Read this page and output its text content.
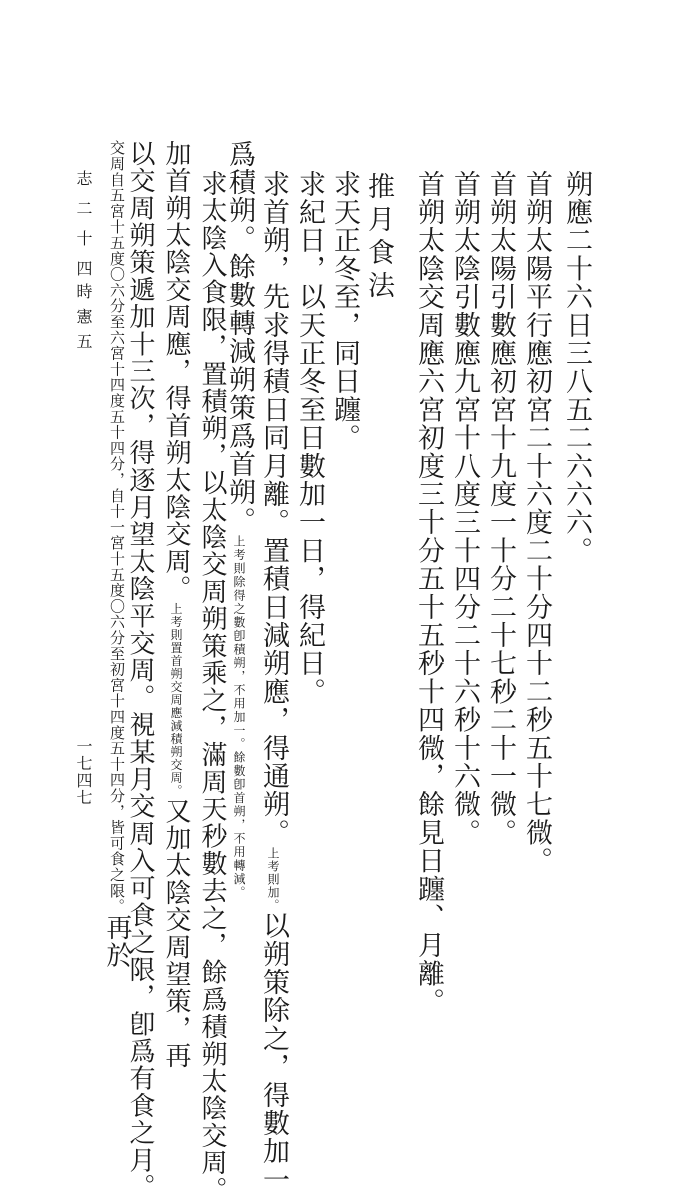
朔應二十六日三八五二六六六。
首朔太陽平行應初宮二十六度二十分四十二秒五十七微。
首朔太陽引數應初宮十九度一十分二十七秒二十一微。
首朔太陰引數應九宮十八度三十四分二十六秒十六微。
首朔太陰交周應六宮初度三十分五十五秒十四微，餘見日躔、月離。
推月食法
求天正冬至，同日躔。
求紀日，以天正冬至日數加一日，得紀日。
求首朔，先求得積日同月離。置積日減朔應，得通朔。上考則加。以朔策除之，得數加一
爲積朔。餘數轉減朔策爲首朔。上考則除得之數卽積朔，不用加一。餘數卽首朔，不用轉減。
求太陰入食限，置積朔，以太陰交周朔策乘之，滿周天秒數去之，餘爲積朔太陰交周。
加首朔太陰交周應，得首朔太陰交周。上考則置首朔交周應減積朔交周。又加太陰交周望策，再
以交周朔策遞加十三次，得逐月望太陰平交周。視某月交周入可食之限，卽爲有食之月。
交周自五宮十五度〇六分至六宮十四度五十四分，自十一宮十五度〇六分至初宮十四度五十四分，皆可食之限。再於
志二十四
時憲五
一七四七
